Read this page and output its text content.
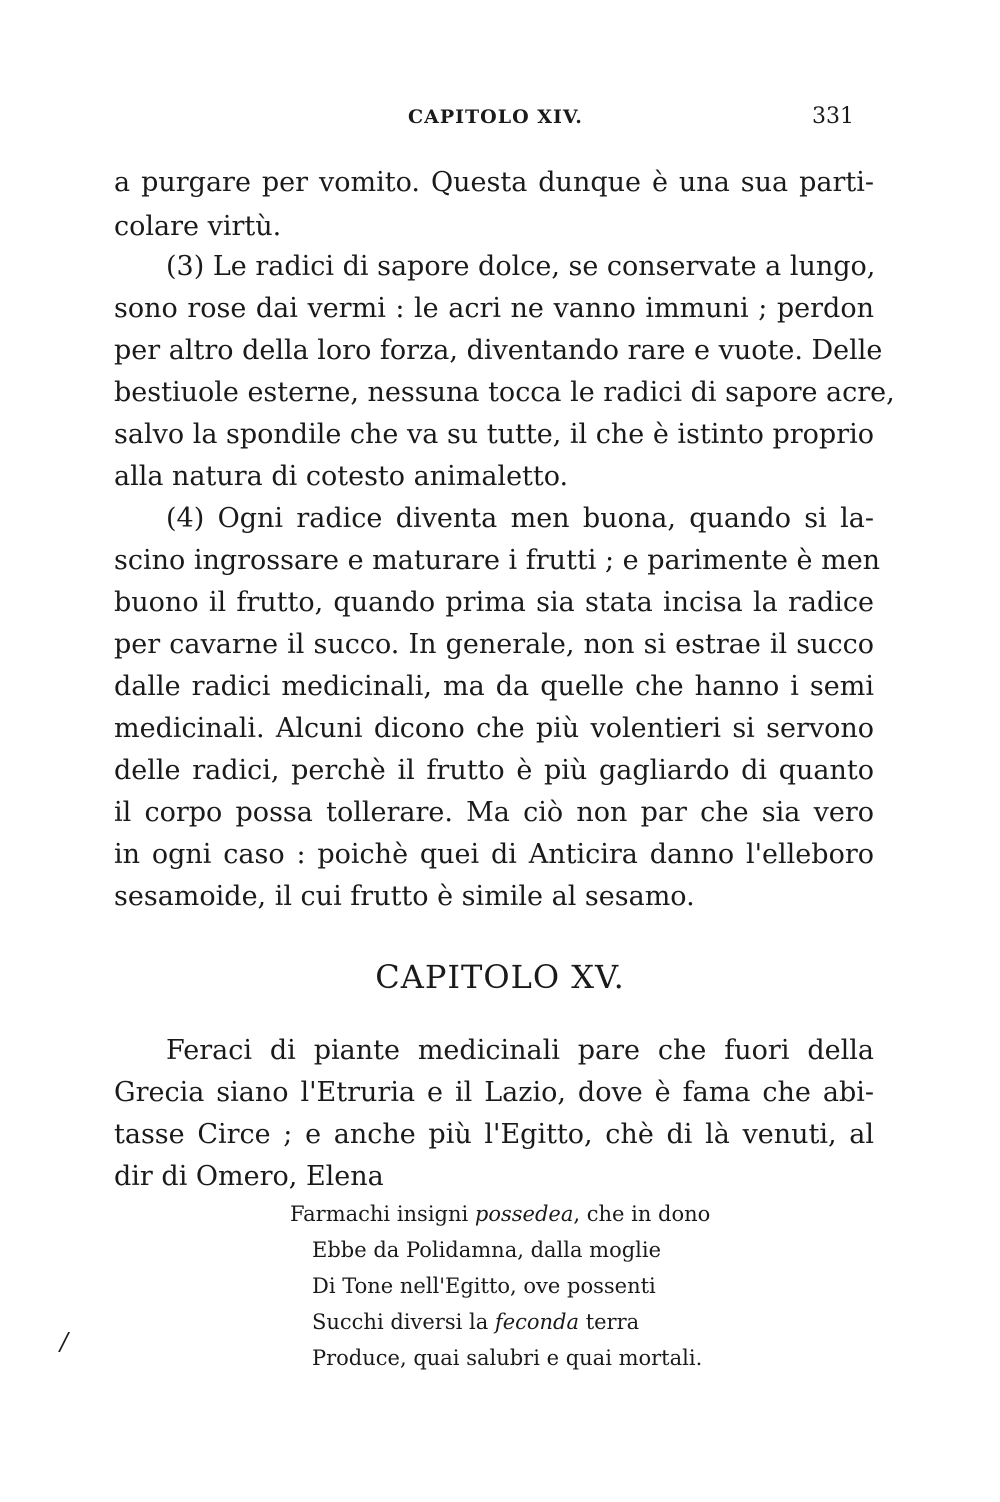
CAPITOLO XIV.	331
a purgare per vomito. Questa dunque è una sua parti-
colare virtù.
(3) Le radici di sapore dolce, se conservate a lungo,
sono rose dai vermi : le acri ne vanno immuni ; perdon
per altro della loro forza, diventando rare e vuote. Delle
bestiuole esterne, nessuna tocca le radici di sapore acre,
salvo la spondile che va su tutte, il che è istinto proprio
alla natura di cotesto animaletto.
(4) Ogni radice diventa men buona, quando si la-
scino ingrossare e maturare i frutti ; e parimente è men
buono il frutto, quando prima sia stata incisa la radice
per cavarne il succo. In generale, non si estrae il succo
dalle radici medicinali, ma da quelle che hanno i semi
medicinali. Alcuni dicono che più volentieri si servono
delle radici, perchè il frutto è più gagliardo di quanto
il corpo possa tollerare. Ma ciò non par che sia vero
in ogni caso : poichè quei di Anticira danno l'elleboro
sesamoide, il cui frutto è simile al sesamo.
CAPITOLO XV.
Feraci di piante medicinali pare che fuori della
Grecia siano l'Etruria e il Lazio, dove è fama che abi-
tasse Circe ; e anche più l'Egitto, chè di là venuti, al
dir di Omero, Elena
Farmachi insigni possedea, che in dono
Ebbe da Polidamna, dalla moglie
Di Tone nell'Egitto, ove possenti
Succhi diversi la feconda terra
Produce, quai salubri e quai mortali.
/
